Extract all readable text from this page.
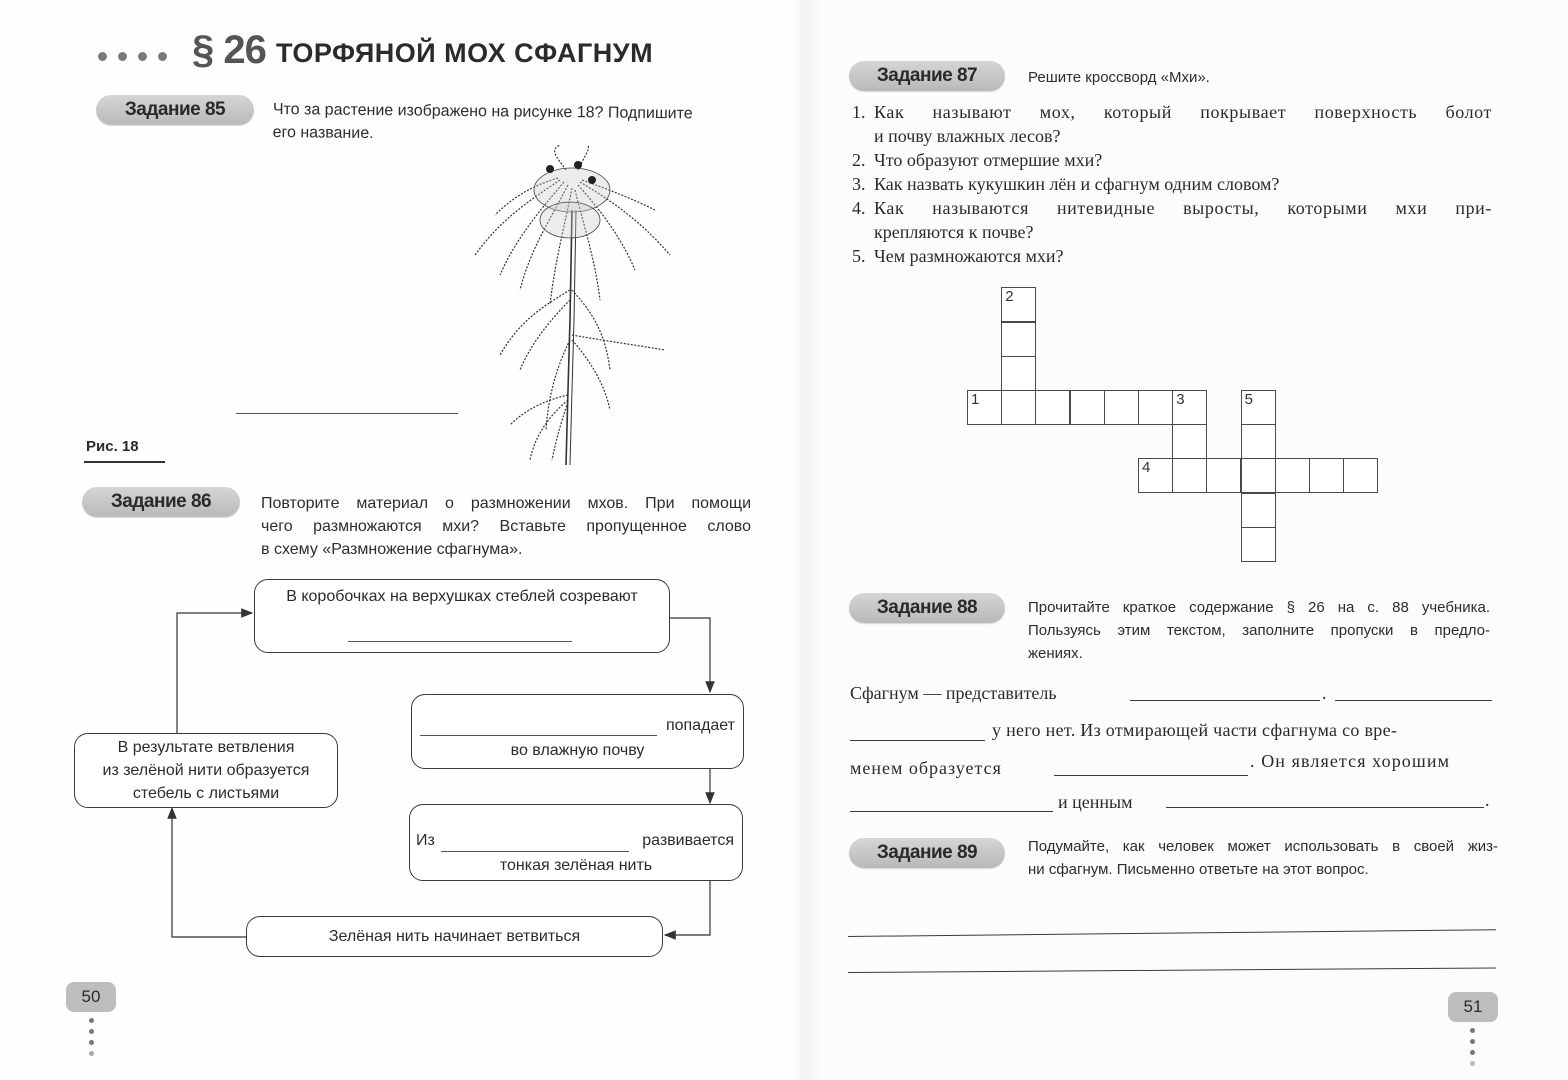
§ 26 ТОРФЯНОЙ МОХ СФАГНУМ
Задание 85	Что за растение изображено на рисунке 18? Подпишите
его название.
Рис. 18
Задание 86	Повторите материал о размножении мхов. При помощи
чего размножаются мхи? Вставьте пропущенное слово
в схему «Размножение сфагнума».
В коробочках на верхушках стеблей созревают
попадает
во влажную почву
Из	развивается
тонкая зелёная нить
Зелёная нить начинает ветвиться
В результате ветвления
из зелёной нити образуется
стебель с листьями
50
Задание 87	Решите кроссворд «Мхи».
1. Как называют мох, который покрывает поверхность болот
и почву влажных лесов?
2. Что образуют отмершие мхи?
3. Как назвать кукушкин лён и сфагнум одним словом?
4. Как называются нитевидные выросты, которыми мхи при-
крепляются к почве?
5. Чем размножаются мхи?
1	3
2
4
5
Задание 88	Прочитайте краткое содержание § 26 на с. 88 учебника.
Пользуясь этим текстом, заполните пропуски в предло-
жениях.
Сфагнум — представитель	.
у него нет. Из отмирающей части сфагнума со вре-
менем образуется	. Он является хорошим
и ценным	.
Задание 89	Подумайте, как человек может использовать в своей жиз-
ни сфагнум. Письменно ответьте на этот вопрос.
51
